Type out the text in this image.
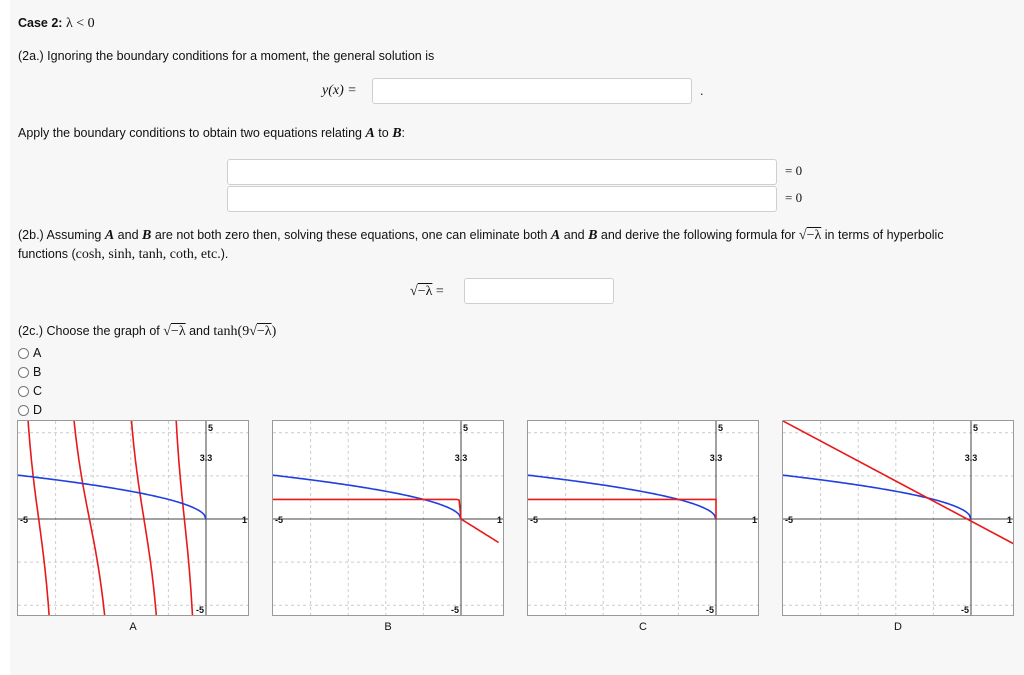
Case 2: λ < 0
(2a.) Ignoring the boundary conditions for a moment, the general solution is
y(x) =	.
Apply the boundary conditions to obtain two equations relating A to B:
= 0
= 0
(2b.) Assuming A and B are not both zero then, solving these equations, one can eliminate both A and B and derive the following formula for √−λ in terms of hyperbolic
functions (cosh, sinh, tanh, coth, etc.).
√−λ =
(2c.) Choose the graph of √−λ and tanh(9√−λ)
A
B
C
D
-5	1
5
-5
3.3
-5	1
5
-5
3.3
-5	1
5
-5
3.3
-5	1
5
-5
3.3
A	B	C	D
